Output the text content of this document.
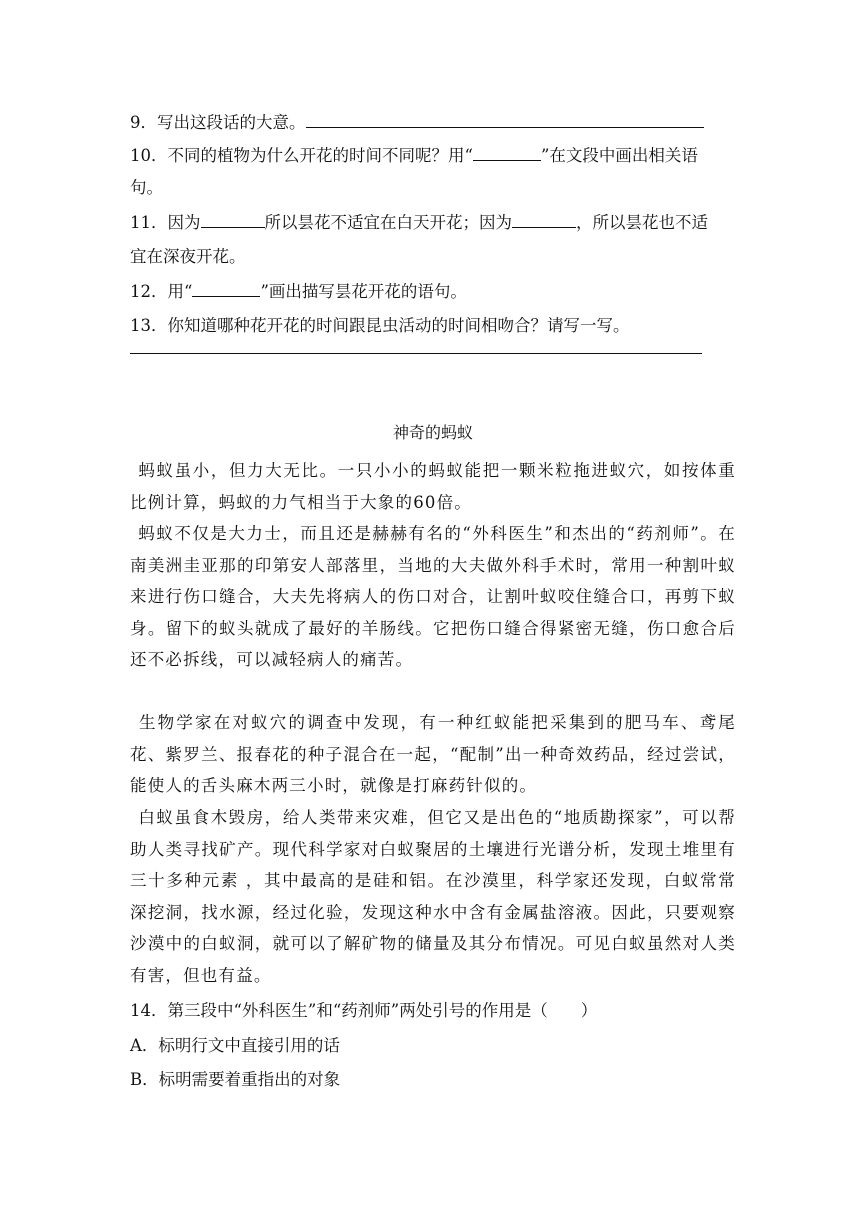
9．写出这段话的大意。
10．不同的植物为什么开花的时间不同呢？用“	”在文段中画出相关语
句。
11．因为	所以昙花不适宜在白天开花；因为	，所以昙花也不适
宜在深夜开花。
12．用“	”画出描写昙花开花的语句。
13．你知道哪种花开花的时间跟昆虫活动的时间相吻合？请写一写。
神奇的蚂蚁
蚂蚁虽小，但力大无比。一只小小的蚂蚁能把一颗米粒拖进蚁穴，如按体重比例计算，蚂蚁的力气相当于大象的60倍。
蚂蚁不仅是大力士，而且还是赫赫有名的“外科医生”和杰出的“药剂师”。在南美洲圭亚那的印第安人部落里，当地的大夫做外科手术时，常用一种割叶蚁来进行伤口缝合，大夫先将病人的伤口对合，让割叶蚁咬住缝合口，再剪下蚁身。留下的蚁头就成了最好的羊肠线。它把伤口缝合得紧密无缝，伤口愈合后还不必拆线，可以减轻病人的痛苦。
生物学家在对蚁穴的调查中发现，有一种红蚁能把采集到的肥马车、鸢尾花、紫罗兰、报春花的种子混合在一起，“配制”出一种奇效药品，经过尝试，能使人的舌头麻木两三小时，就像是打麻药针似的。
白蚁虽食木毁房，给人类带来灾难，但它又是出色的“地质勘探家”，可以帮助人类寻找矿产。现代科学家对白蚁聚居的土壤进行光谱分析，发现土堆里有三十多种元素 ，其中最高的是硅和铝。在沙漠里，科学家还发现，白蚁常常深挖洞，找水源，经过化验，发现这种水中含有金属盐溶液。因此，只要观察沙漠中的白蚁洞，就可以了解矿物的储量及其分布情况。可见白蚁虽然对人类有害，但也有益。
14．第三段中“外科医生”和“药剂师”两处引号的作用是（　　）
A．标明行文中直接引用的话
B．标明需要着重指出的对象
